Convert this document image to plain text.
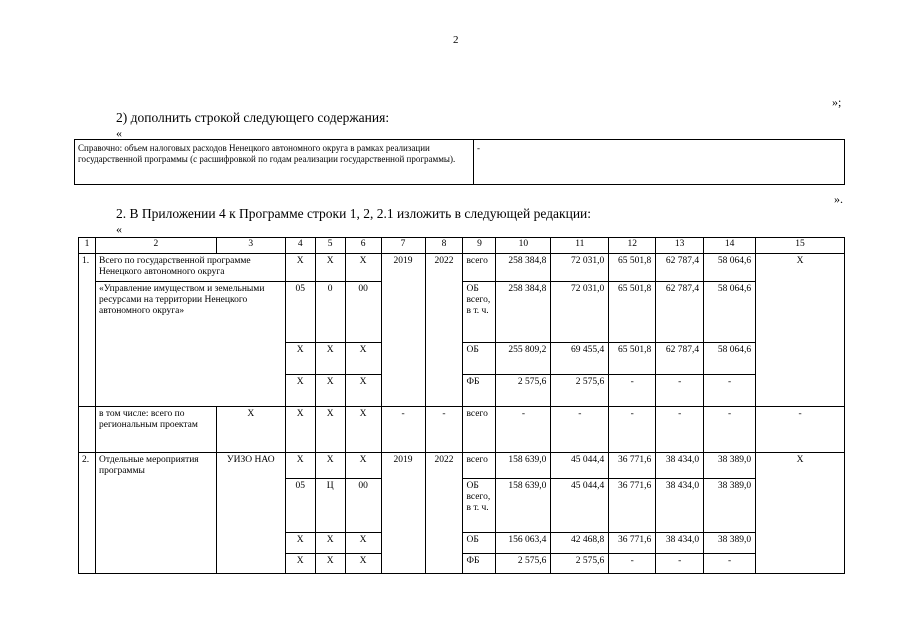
2
»;
2) дополнить строкой следующего содержания:
«
Справочно: объем налоговых расходов Ненецкого автономного округа в рамках реализации государственной программы (с расшифровкой по годам реализации государственной программы).	-
».
2. В Приложении 4 к Программе строки 1, 2, 2.1 изложить в следующей редакции:
«
1	2	3	4	5	6	7	8	9	10	11	12	13	14	15
1.	Всего по государственной программе Ненецкого автономного округа		Х	Х	Х	2019	2022	всего	258 384,8	72 031,0	65 501,8	62 787,4	58 064,6	Х
	«Управление имуществом и земельными ресурсами на территории Ненецкого автономного округа»		05	0	00			ОБ всего, в т. ч.	258 384,8	72 031,0	65 501,8	62 787,4	58 064,6	
			Х	Х	Х			ОБ	255 809,2	69 455,4	65 501,8	62 787,4	58 064,6	
			Х	Х	Х			ФБ	2 575,6	2 575,6	-	-	-	
	в том числе: всего по региональным проектам	Х	Х	Х	Х	-	-	всего	-	-	-	-	-	-
2.	Отдельные мероприятия программы	УИЗО НАО	Х	Х	Х	2019	2022	всего	158 639,0	45 044,4	36 771,6	38 434,0	38 389,0	Х
			05	Ц	00			ОБ всего, в т. ч.	158 639,0	45 044,4	36 771,6	38 434,0	38 389,0	
			Х	Х	Х			ОБ	156 063,4	42 468,8	36 771,6	38 434,0	38 389,0	
			Х	Х	Х			ФБ	2 575,6	2 575,6	-	-	-	
